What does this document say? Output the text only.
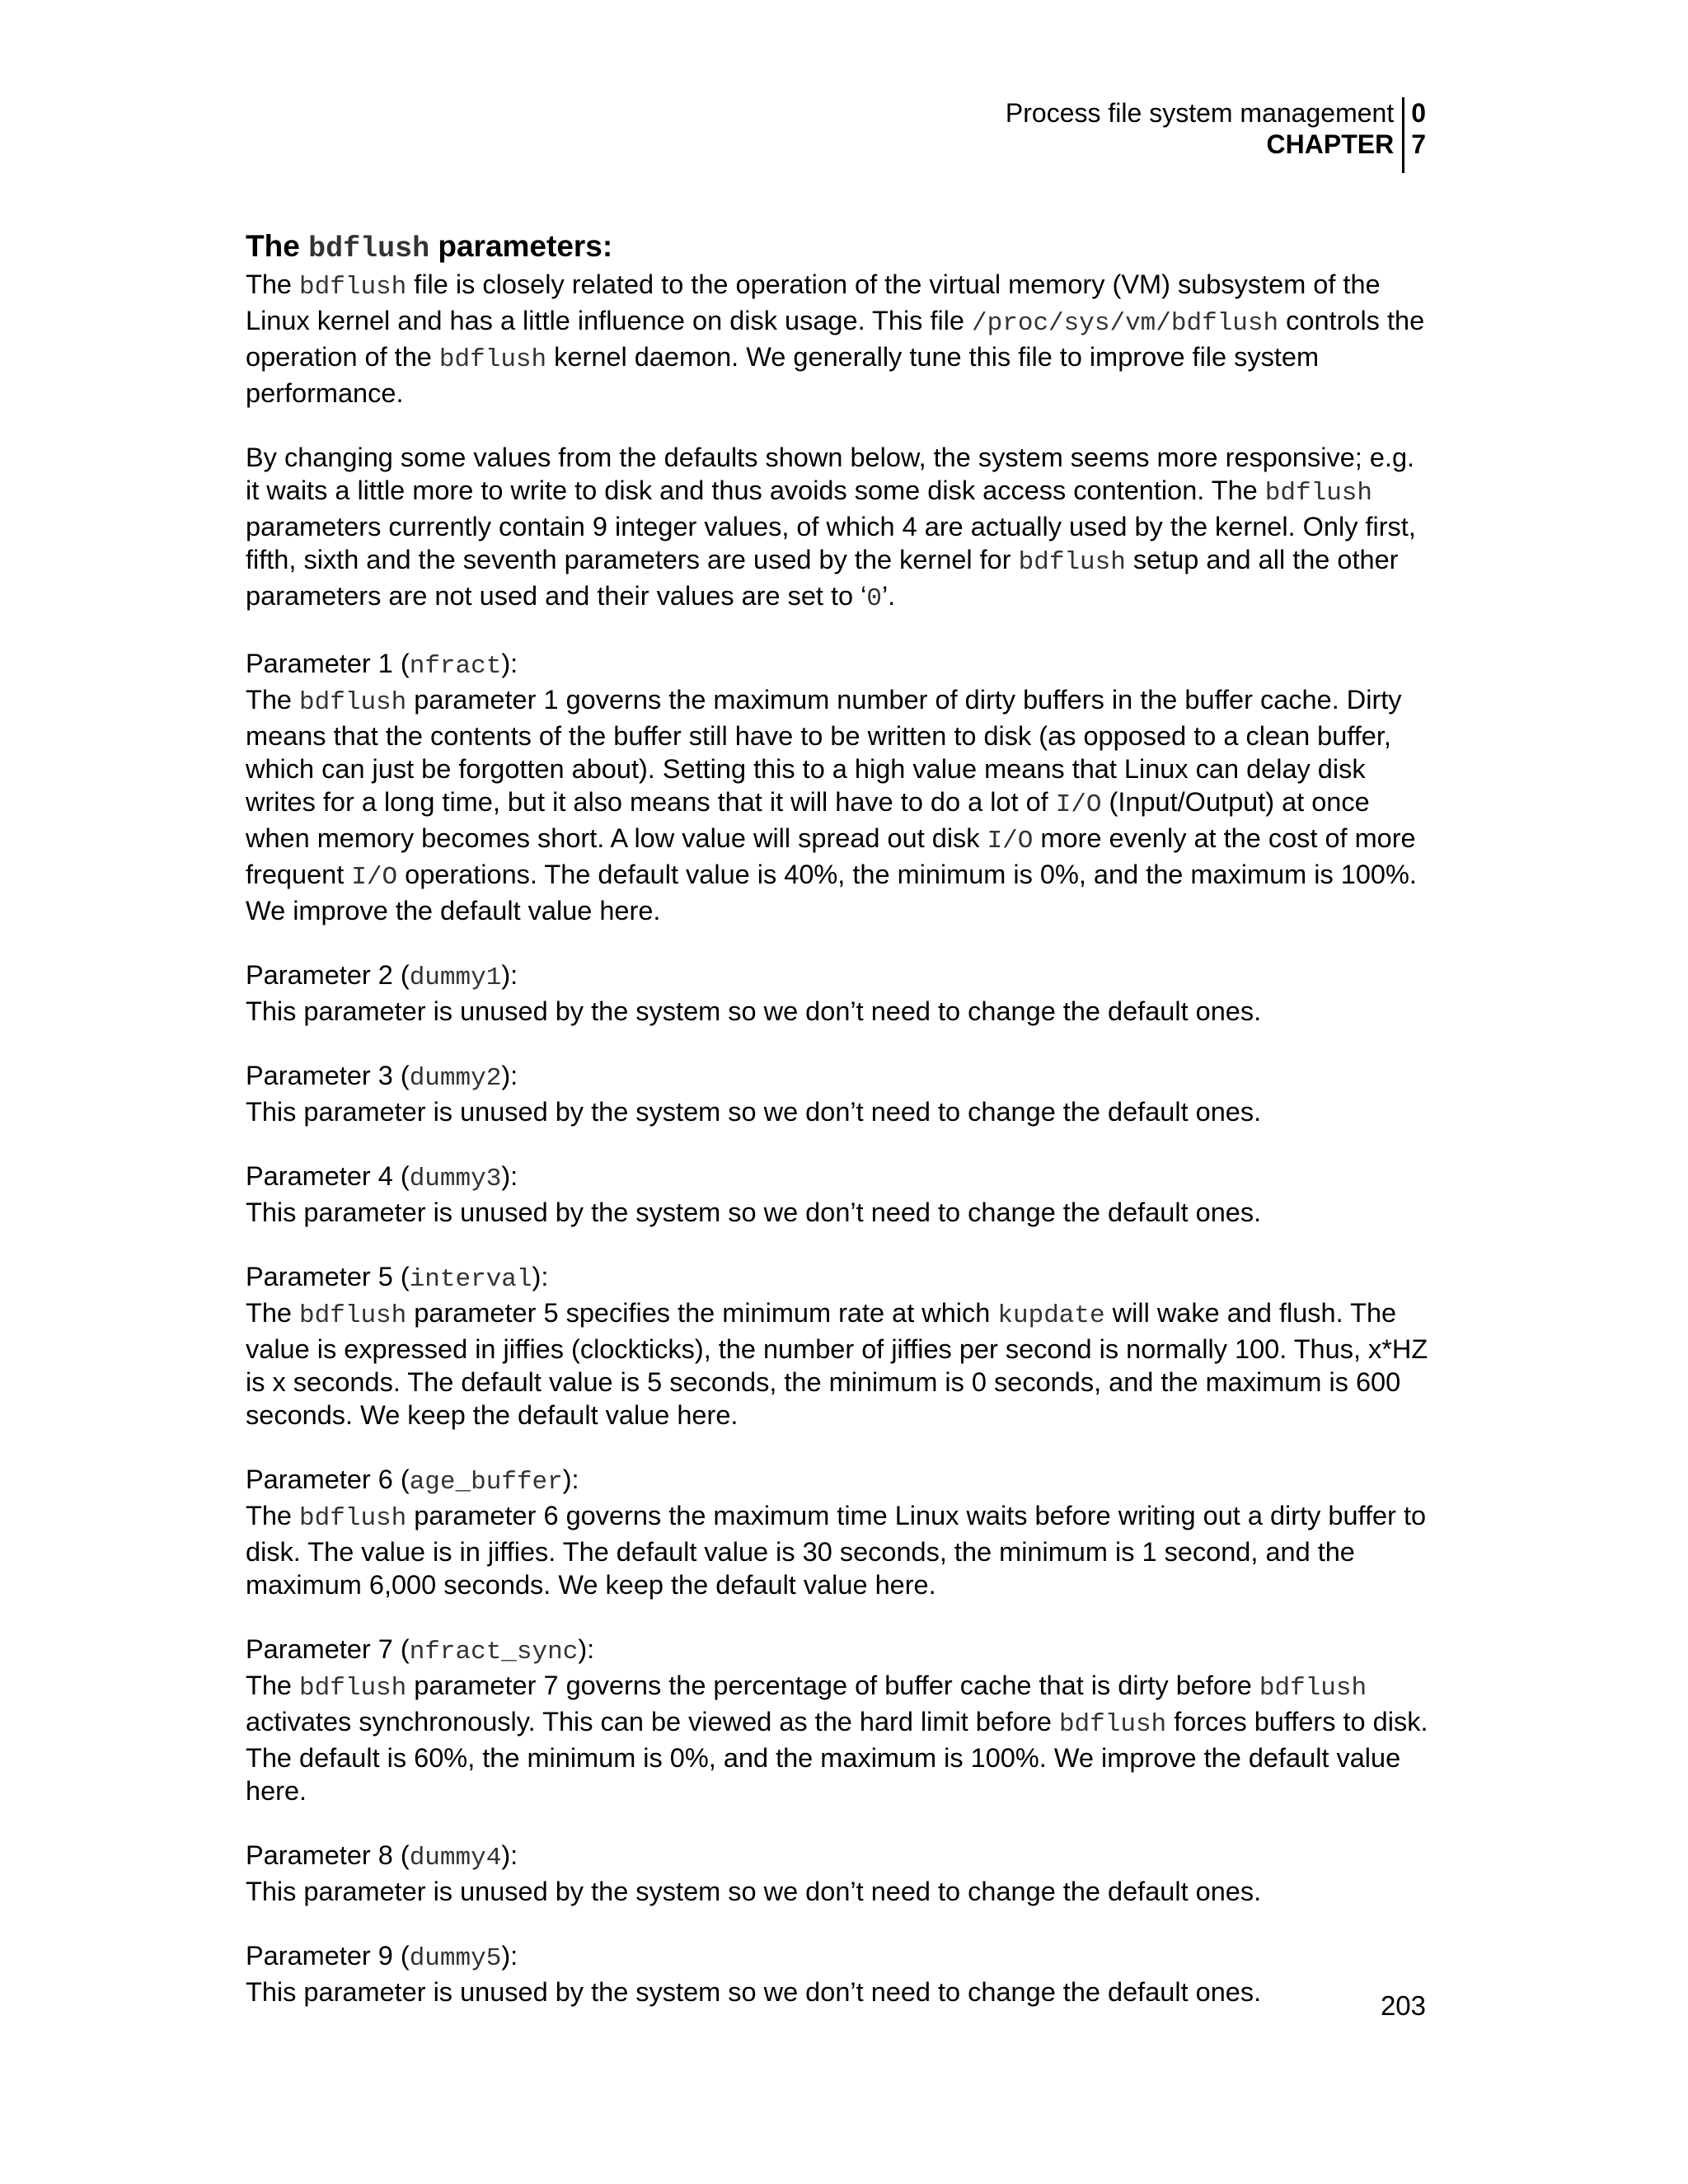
Process file system management
CHAPTER
0
7
The bdflush parameters:

The bdflush file is closely related to the operation of the virtual memory (VM) subsystem of the Linux kernel and has a little influence on disk usage. This file /proc/sys/vm/bdflush controls the operation of the bdflush kernel daemon. We generally tune this file to improve file system performance.

By changing some values from the defaults shown below, the system seems more responsive; e.g. it waits a little more to write to disk and thus avoids some disk access contention. The bdflush parameters currently contain 9 integer values, of which 4 are actually used by the kernel. Only first, fifth, sixth and the seventh parameters are used by the kernel for bdflush setup and all the other parameters are not used and their values are set to ‘0’.

Parameter 1 (nfract):

The bdflush parameter 1 governs the maximum number of dirty buffers in the buffer cache. Dirty means that the contents of the buffer still have to be written to disk (as opposed to a clean buffer, which can just be forgotten about). Setting this to a high value means that Linux can delay disk writes for a long time, but it also means that it will have to do a lot of I/O (Input/Output) at once when memory becomes short. A low value will spread out disk I/O more evenly at the cost of more frequent I/O operations. The default value is 40%, the minimum is 0%, and the maximum is 100%. We improve the default value here.

Parameter 2 (dummy1):

This parameter is unused by the system so we don’t need to change the default ones.

Parameter 3 (dummy2):

This parameter is unused by the system so we don’t need to change the default ones.

Parameter 4 (dummy3):

This parameter is unused by the system so we don’t need to change the default ones.

Parameter 5 (interval):

The bdflush parameter 5 specifies the minimum rate at which kupdate will wake and flush. The value is expressed in jiffies (clockticks), the number of jiffies per second is normally 100. Thus, x*HZ is x seconds. The default value is 5 seconds, the minimum is 0 seconds, and the maximum is 600 seconds. We keep the default value here.

Parameter 6 (age_buffer):

The bdflush parameter 6 governs the maximum time Linux waits before writing out a dirty buffer to disk. The value is in jiffies. The default value is 30 seconds, the minimum is 1 second, and the maximum 6,000 seconds. We keep the default value here.

Parameter 7 (nfract_sync):

The bdflush parameter 7 governs the percentage of buffer cache that is dirty before bdflush activates synchronously. This can be viewed as the hard limit before bdflush forces buffers to disk. The default is 60%, the minimum is 0%, and the maximum is 100%. We improve the default value here.

Parameter 8 (dummy4):

This parameter is unused by the system so we don’t need to change the default ones.

Parameter 9 (dummy5):

This parameter is unused by the system so we don’t need to change the default ones.	203
